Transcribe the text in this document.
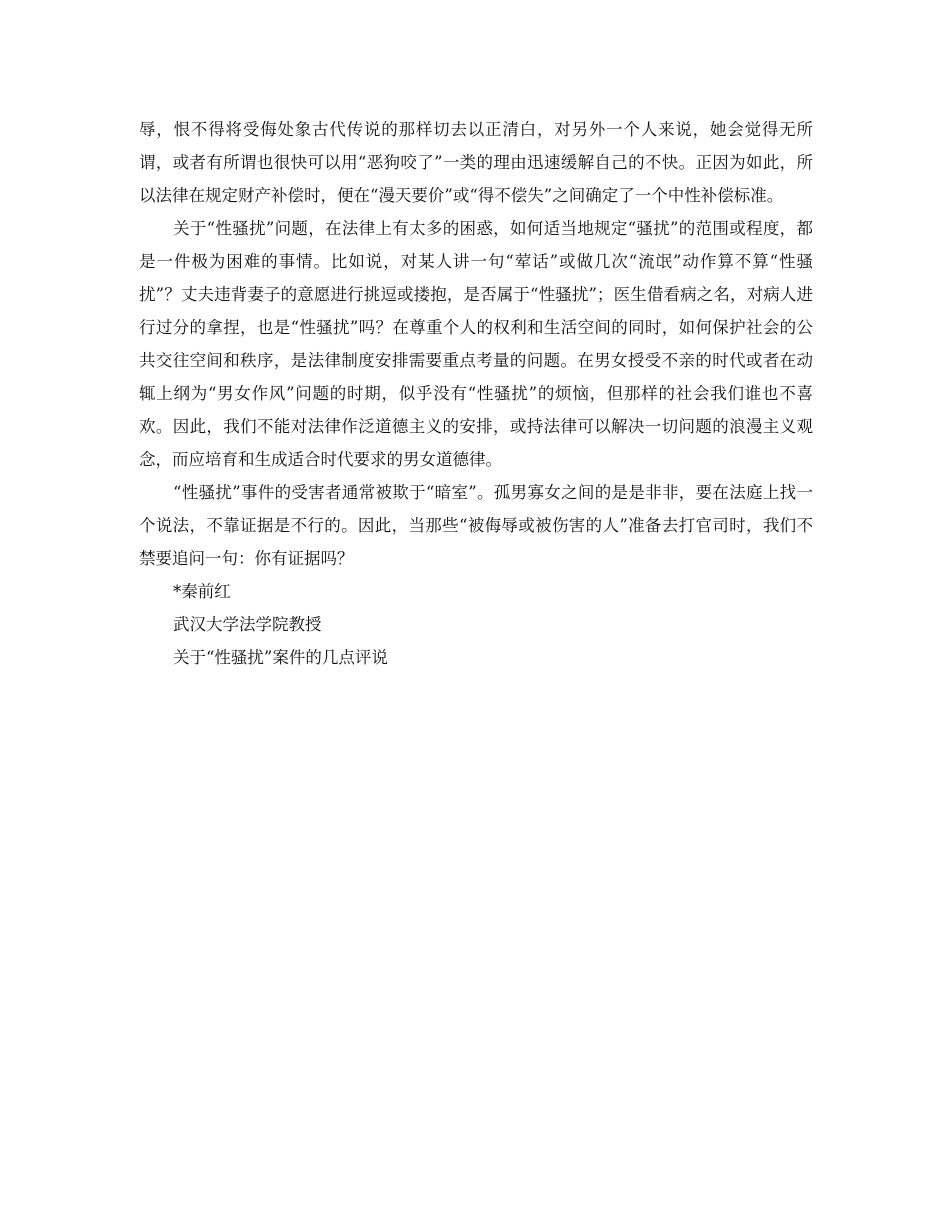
辱，恨不得将受侮处象古代传说的那样切去以正清白，对另外一个人来说，她会觉得无所谓，或者有所谓也很快可以用“恶狗咬了”一类的理由迅速缓解自己的不快。正因为如此，所以法律在规定财产补偿时，便在“漫天要价”或“得不偿失”之间确定了一个中性补偿标准。

关于“性骚扰”问题，在法律上有太多的困惑，如何适当地规定“骚扰”的范围或程度，都是一件极为困难的事情。比如说，对某人讲一句“荤话”或做几次“流氓”动作算不算“性骚扰”？丈夫违背妻子的意愿进行挑逗或搂抱，是否属于“性骚扰”；医生借看病之名，对病人进行过分的拿捏，也是“性骚扰”吗？在尊重个人的权利和生活空间的同时，如何保护社会的公共交往空间和秩序，是法律制度安排需要重点考量的问题。在男女授受不亲的时代或者在动辄上纲为“男女作风”问题的时期，似乎没有“性骚扰”的烦恼，但那样的社会我们谁也不喜欢。因此，我们不能对法律作泛道德主义的安排，或持法律可以解决一切问题的浪漫主义观念，而应培育和生成适合时代要求的男女道德律。

“性骚扰”事件的受害者通常被欺于“暗室”。孤男寡女之间的是是非非，要在法庭上找一个说法，不靠证据是不行的。因此，当那些“被侮辱或被伤害的人”准备去打官司时，我们不禁要追问一句：你有证据吗？

*秦前红

武汉大学法学院教授

关于“性骚扰”案件的几点评说
